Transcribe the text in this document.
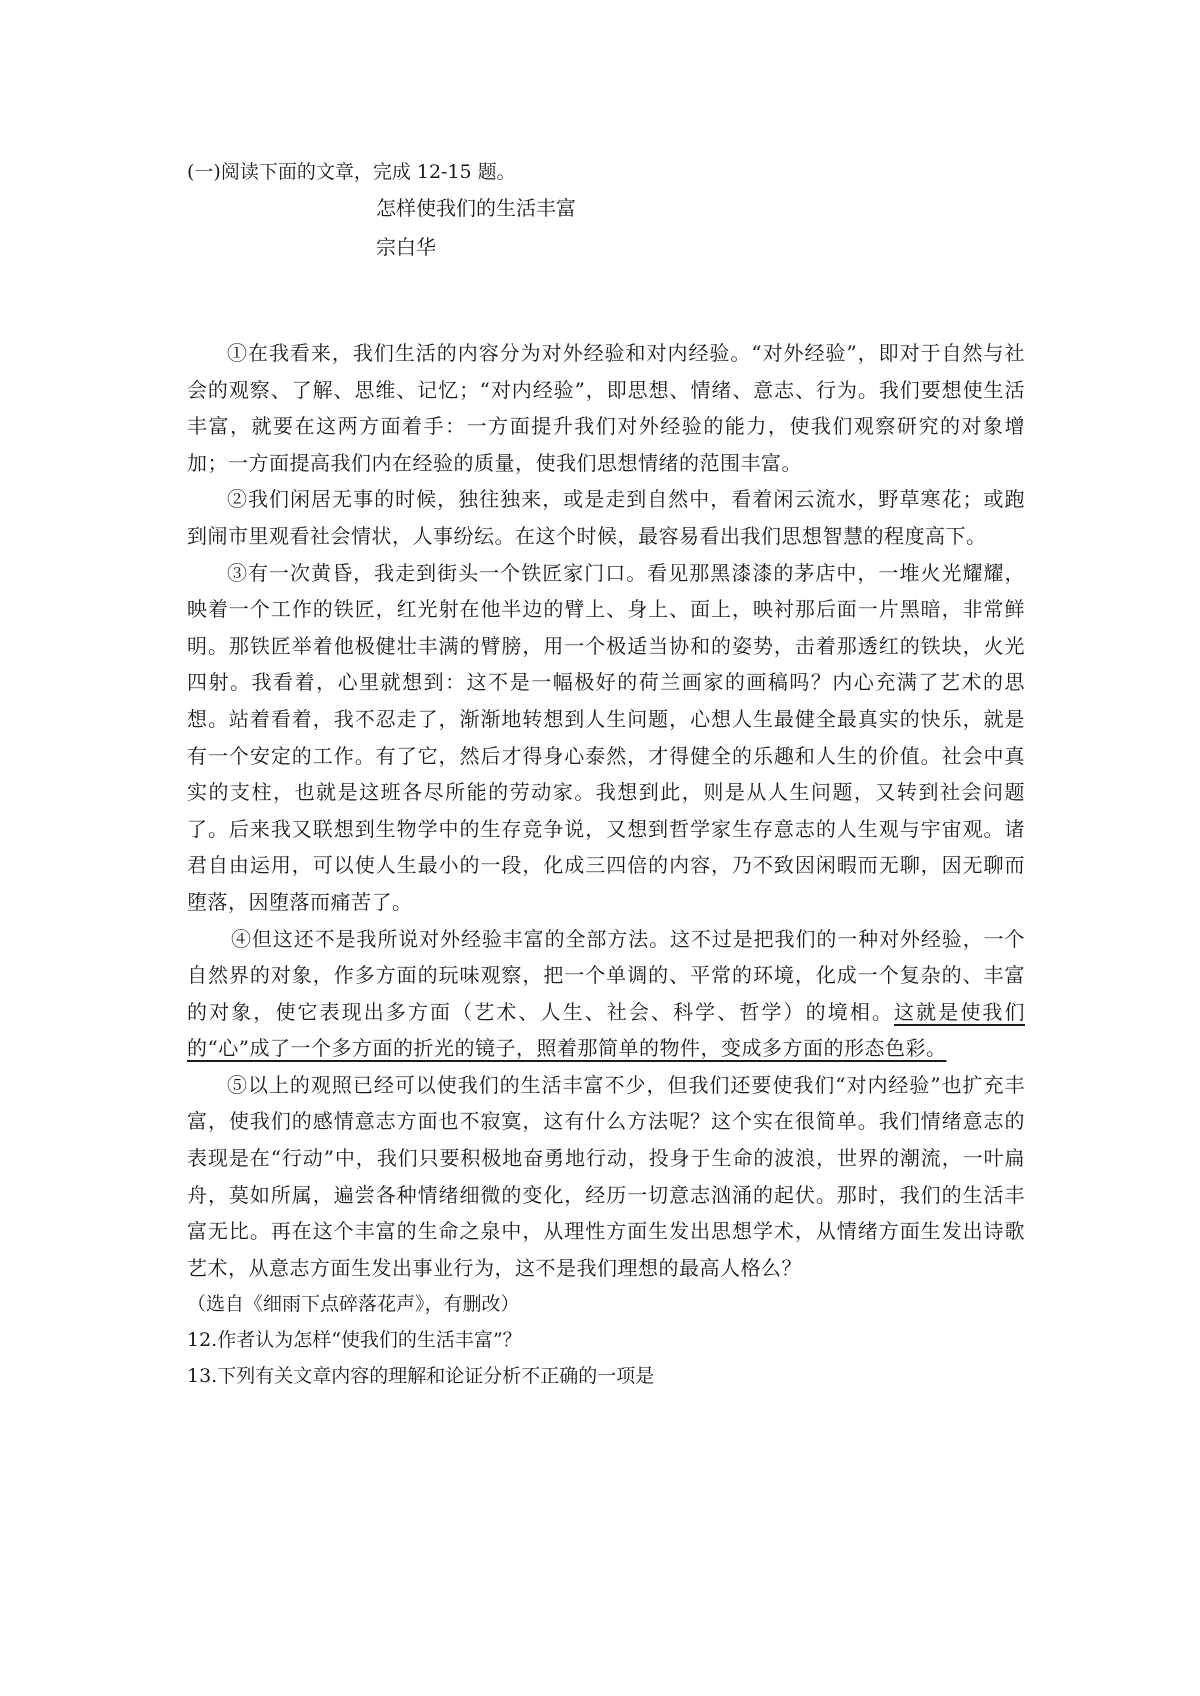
(一)阅读下面的文章，完成 12-15 题。
怎样使我们的生活丰富
宗白华

①在我看来，我们生活的内容分为对外经验和对内经验。“对外经验”，即对于自然与社会的观察、了解、思维、记忆；“对内经验”，即思想、情绪、意志、行为。我们要想使生活丰富，就要在这两方面着手：一方面提升我们对外经验的能力，使我们观察研究的对象增加；一方面提高我们内在经验的质量，使我们思想情绪的范围丰富。

②我们闲居无事的时候，独往独来，或是走到自然中，看着闲云流水，野草寒花；或跑到闹市里观看社会情状，人事纷纭。在这个时候，最容易看出我们思想智慧的程度高下。

③有一次黄昏，我走到街头一个铁匠家门口。看见那黑漆漆的茅店中，一堆火光耀耀，映着一个工作的铁匠，红光射在他半边的臂上、身上、面上，映衬那后面一片黑暗，非常鲜明。那铁匠举着他极健壮丰满的臂膀，用一个极适当协和的姿势，击着那透红的铁块，火光四射。我看着，心里就想到：这不是一幅极好的荷兰画家的画稿吗？内心充满了艺术的思想。站着看着，我不忍走了，渐渐地转想到人生问题，心想人生最健全最真实的快乐，就是有一个安定的工作。有了它，然后才得身心泰然，才得健全的乐趣和人生的价值。社会中真实的支柱，也就是这班各尽所能的劳动家。我想到此，则是从人生问题，又转到社会问题了。后来我又联想到生物学中的生存竞争说，又想到哲学家生存意志的人生观与宇宙观。诸君自由运用，可以使人生最小的一段，化成三四倍的内容，乃不致因闲暇而无聊，因无聊而堕落，因堕落而痛苦了。

④但这还不是我所说对外经验丰富的全部方法。这不过是把我们的一种对外经验，一个自然界的对象，作多方面的玩味观察，把一个单调的、平常的环境，化成一个复杂的、丰富的对象，使它表现出多方面（艺术、人生、社会、科学、哲学）的境相。这就是使我们的“心”成了一个多方面的折光的镜子，照着那简单的物件，变成多方面的形态色彩。

⑤以上的观照已经可以使我们的生活丰富不少，但我们还要使我们“对内经验”也扩充丰富，使我们的感情意志方面也不寂寞，这有什么方法呢？这个实在很简单。我们情绪意志的表现是在“行动”中，我们只要积极地奋勇地行动，投身于生命的波浪，世界的潮流，一叶扁舟，莫如所属，遍尝各种情绪细微的变化，经历一切意志汹涌的起伏。那时，我们的生活丰富无比。再在这个丰富的生命之泉中，从理性方面生发出思想学术，从情绪方面生发出诗歌艺术，从意志方面生发出事业行为，这不是我们理想的最高人格么？

（选自《细雨下点碎落花声》，有删改）

12.作者认为怎样“使我们的生活丰富”？

13.下列有关文章内容的理解和论证分析不正确的一项是
